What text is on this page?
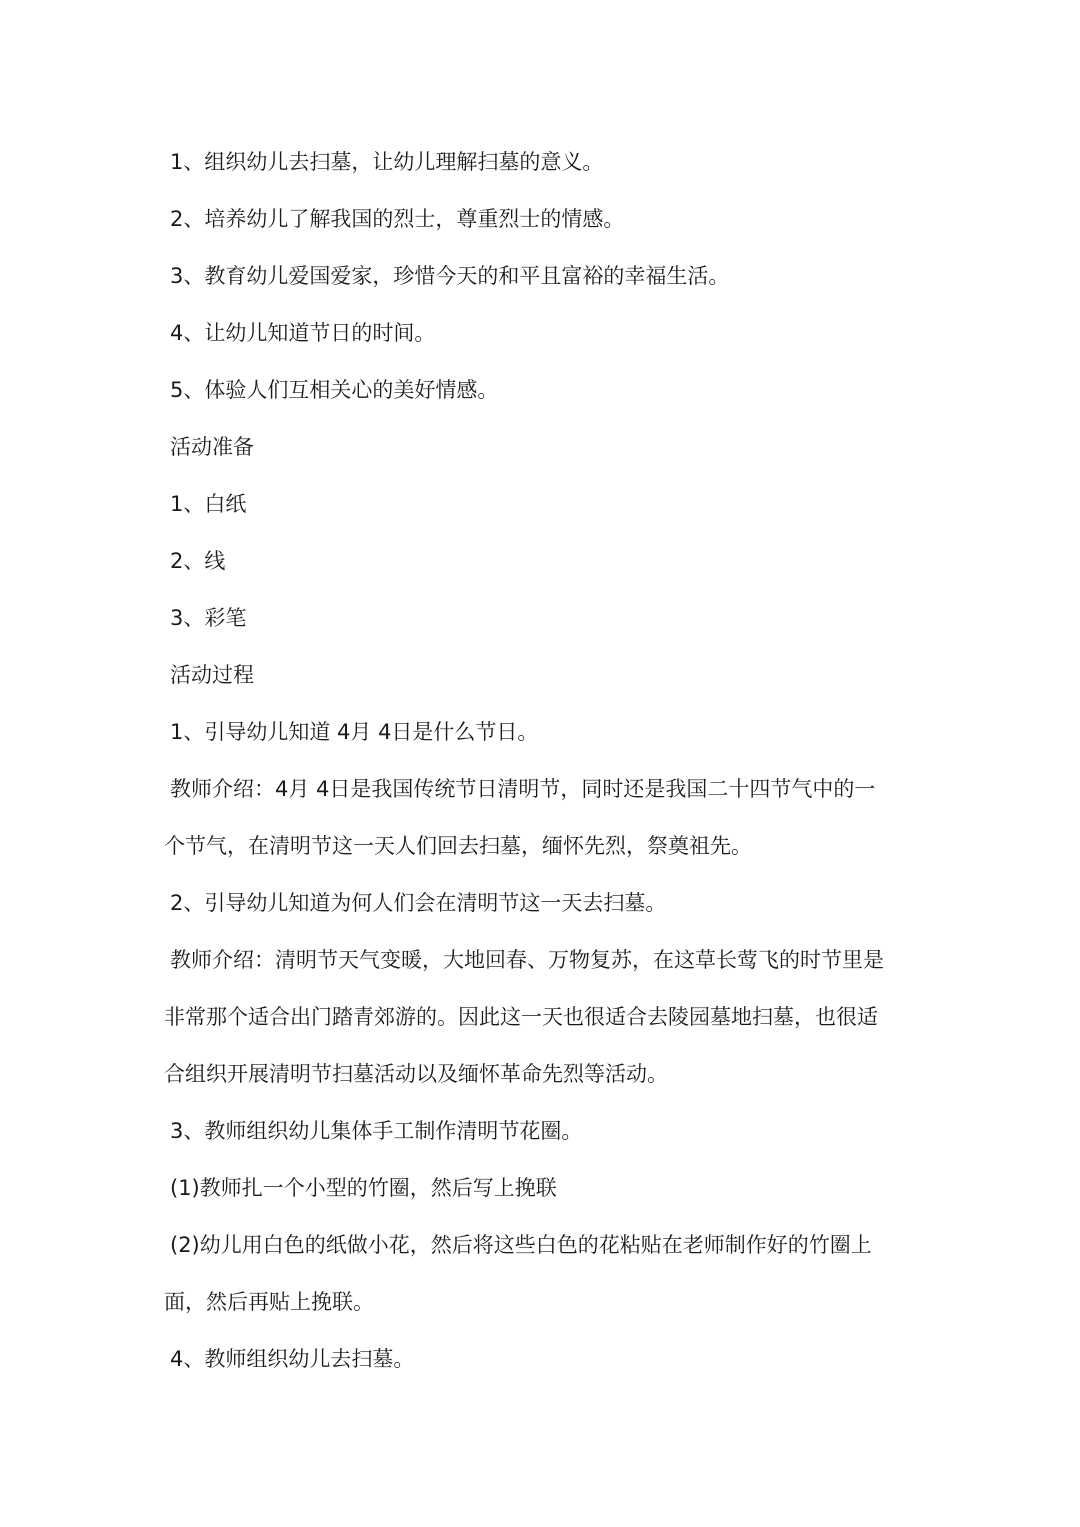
1、组织幼儿去扫墓，让幼儿理解扫墓的意义。
2、培养幼儿了解我国的烈士，尊重烈士的情感。
3、教育幼儿爱国爱家，珍惜今天的和平且富裕的幸福生活。
4、让幼儿知道节日的时间。
5、体验人们互相关心的美好情感。
活动准备
1、白纸
2、线
3、彩笔
活动过程
1、引导幼儿知道 4月 4日是什么节日。
教师介绍：4月 4日是我国传统节日清明节，同时还是我国二十四节气中的一
个节气，在清明节这一天人们回去扫墓，缅怀先烈，祭奠祖先。
2、引导幼儿知道为何人们会在清明节这一天去扫墓。
教师介绍：清明节天气变暖，大地回春、万物复苏，在这草长莺飞的时节里是
非常那个适合出门踏青郊游的。因此这一天也很适合去陵园墓地扫墓，也很适
合组织开展清明节扫墓活动以及缅怀革命先烈等活动。
3、教师组织幼儿集体手工制作清明节花圈。
(1)教师扎一个小型的竹圈，然后写上挽联
(2)幼儿用白色的纸做小花，然后将这些白色的花粘贴在老师制作好的竹圈上
面，然后再贴上挽联。
4、教师组织幼儿去扫墓。
